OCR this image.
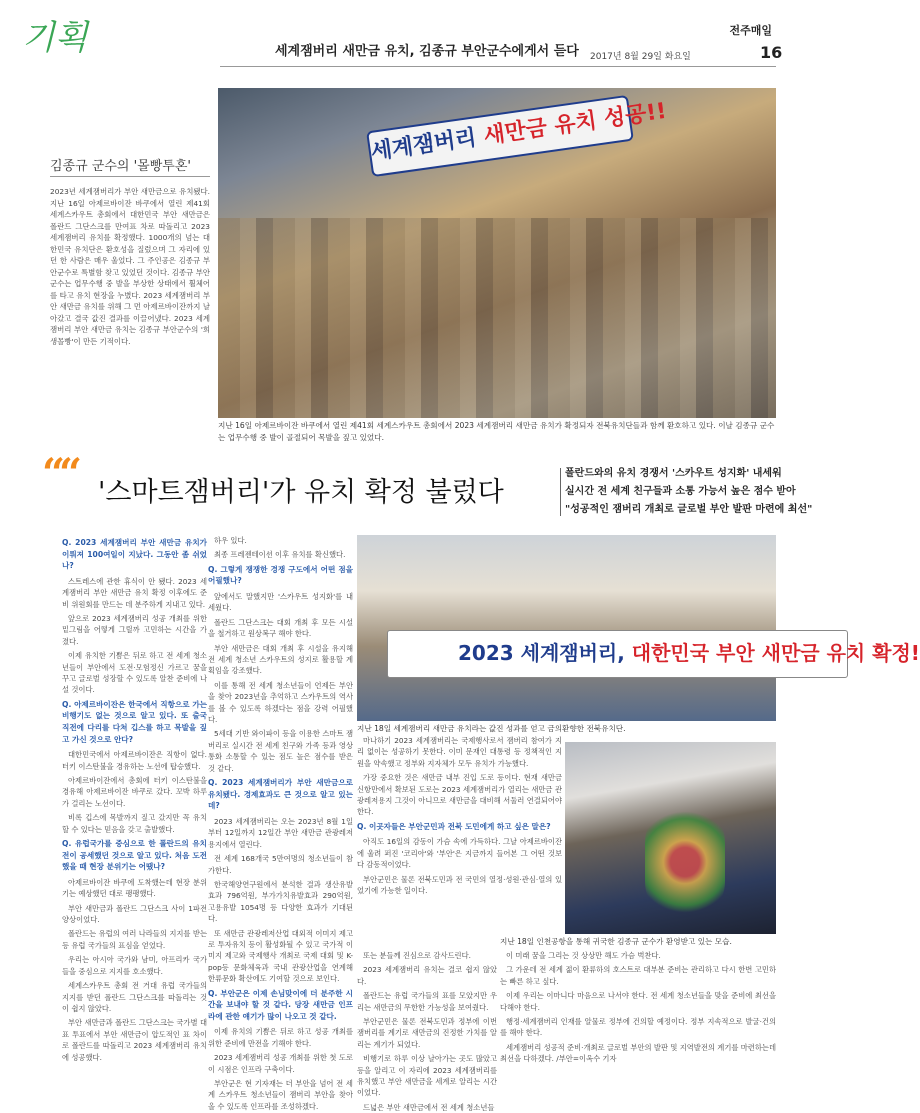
기획	세계잼버리 새만금 유치, 김종규 부안군수에게서 듣다
전주매일
2017년 8월 29일 화요일	16
김종규 군수의 '몰빵투혼'
2023년 세계잼버리가 부안 새만금으로 유치됐다. 지난 16일 아제르바이잔 바쿠에서 열린 제41회 세계스카우트 총회에서 대한민국 부안 새만금은 폴란드 그단스크를 만여표 차로 따돌리고 2023 세계잼버리 유치를 확정했다. 1000개의 넘는 대한민국 유치단은 환호성을 질렀으며 그 자리에 있던 한 사람은 매우 울었다. 그 주인공은 김종규 부안군수로 특별함 찾고 있었던 것이다. 김종규 부안군수는 업무수행 중 발을 부상한 상태에서 휠체어를 타고 유치 현장을 누볐다. 2023 세계잼버리 부안 새만금 유치를 위해 그 먼 아제르바이잔까지 날아갔고 결국 값진 결과를 이끌어냈다. 2023 세계잼버리 부안 새만금 유치는 김종규 부안군수의 '희생몰빵'이 만든 기적이다.
세계잼버리 새만금 유치 성공!!
지난 16일 아제르바이잔 바쿠에서 열린 제41회 세계스카우트 총회에서 2023 세계잼버리 새만금 유치가 확정되자 전북유치단들과 함께 환호하고 있다. 이날 김종규 군수는 업무수행 중 발이 골절되어 목발을 짚고 있었다.
““ '스마트잼버리'가 유치 확정 불렀다
폴란드와의 유치 경쟁서 '스카우트 성지화' 내세워
실시간 전 세계 친구들과 소통 가능서 높은 점수 받아
"성공적인 잼버리 개최로 글로벌 부안 발판 마련에 최선"
Q. 2023 세계잼버리 부안 새만금 유치가 이뤄져 100여일이 지났다. 그동안 좀 쉬었나?

스트레스에 관한 휴식이 안 됐다. 2023 세계잼버리 부안 새만금 유치 확정 이후에도 준비 위원회를 만드는 데 분주하게 지내고 있다.

앞으로 2023 세계잼버리 성공 개최를 위한 밑그림을 어떻게 그릴까 고민하는 시간을 가졌다.

이제 유치한 기쁨은 뒤로 하고 전 세계 청소년들이 부안에서 도전·모험정신 가르고 꿈을 꾸고 글로벌 성장할 수 있도록 알찬 준비에 나설 것이다.

Q. 아제르바이잔은 한국에서 직항으로 가는 비행기도 없는 것으로 알고 있다. 또 출국 직전에 다리를 다쳐 깁스를 하고 목발을 짚고 가신 것으로 안다?

대한민국에서 아제르바이잔은 직항이 없다. 터키 이스탄불을 경유하는 노선에 탑승했다.

아제르바이잔에서 총회에 터키 이스탄불을 경유해 아제르바이잔 바쿠로 갔다. 꼬박 하루가 걸리는 노선이다.

비록 깁스에 목발까지 짚고 갔지만 꼭 유치할 수 있다는 믿음을 갖고 출발했다.

Q. 유럽국가를 중심으로 한 폴란드의 유치전이 공세했던 것으로 알고 있다. 처음 도전했을 때 현장 분위기는 어땠나?

아제르바이잔 바쿠에 도착했는데 현장 분위기는 예상했던 대로 팽팽했다.

부안 새만금과 폴란드 그단스크 사이 1파전 양상이었다.

폴란드는 유럽의 여러 나라들의 지지를 받는 등 유럽 국가들의 표심을 얻었다.

우리는 아시아 국가와 남미, 아프리카 국가들을 중심으로 지지를 호소했다.

세계스카우트 총회 전 거대 유럽 국가들의 지지를 받던 폴란드 그단스크를 따돌리는 것이 쉽지 않았다.

부안 새만금과 폴란드 그단스크는 국가별 대표 투표에서 부안 새만금이 압도적인 표 차이로 폴란드를 따돌리고 2023 세계잼버리 유치에 성공했다.

하우 있다.

최종 프레젠테이션 이후 유치를 확신했다.

Q. 그렇게 쟁쟁한 경쟁 구도에서 어떤 점을 어필했나?

앞에서도 말했지만 '스카우트 성지화'를 내세웠다.

폴란드 그단스크는 대회 개최 후 모든 시설을 철거하고 원상복구 해야 한다.

부안 새만금은 대회 개최 후 시설을 유지해 전 세계 청소년 스카우트의 성지로 활용할 계획임을 강조했다.

이를 통해 전 세계 청소년들이 언제든 부안을 찾아 2023년을 추억하고 스카우트의 역사를 볼 수 있도록 하겠다는 점을 강력 어필했다.

5세대 기반 와이파이 등을 이용한 스마트 잼버리로 실시간 전 세계 친구와 가족 등과 영상통화 소통할 수 있는 점도 높은 점수를 받은 것 같다.

Q. 2023 세계잼버리가 부안 새만금으로 유치됐다. 경제효과도 큰 것으로 알고 있는데?

2023 세계잼버리는 오는 2023년 8월 1일부터 12일까지 12일간 부안 새만금 관광레저용지에서 열린다.

전 세계 168개국 5만여명의 청소년들이 참가한다.

한국해양연구원에서 분석한 결과 생산유발효과 796억원, 부가가치유발효과 290억원, 고용유발 1054명 등 다양한 효과가 기대된다.

또 새만금 관광레저산업 대외적 이미지 제고로 투자유치 등이 활성화될 수 있고 국가적 이미지 제고와 국제행사 개최로 국제 대회 및 K-pop등 문화체육과 국내 관광산업을 연계해 한류문화 확산에도 기여할 것으로 보인다.

Q. 부안군은 이제 손님맞이에 더 분주한 시간을 보내야 할 것 같다. 당장 새만금 인프라에 관한 얘기가 많이 나오고 것 같다.

이제 유치의 기쁨은 뒤로 하고 성공 개최를 위한 준비에 만전을 기해야 한다.

2023 세계잼버리 성공 개최를 위한 첫 도로 이 시점은 인프라 구축이다.

부안군은 현 기자재는 더 부안을 넘어 전 세계 스카우트 청소년들이 잼버리 부안을 찾아올 수 있도록 인프라를 조성하겠다.

2023 세계잼버리, 대한민국 부안 새만금 유치 확정!
지난 18일 세계잼버리 새만금 유치라는 값진 성과를 얻고 금의환향한 전북유치단.

마나하기 2023 세계잼버리는 국제행사로서 잼버리 참여가 지리 없이는 성공하기 못한다. 이미 문재인 대통령 등 정책적인 지원을 약속했고 정부와 지자체가 모두 유치가 가능했다.

가장 중요한 것은 새만금 내부 진입 도로 등이다. 현재 새만금 신항만에서 확보된 도로는 2023 세계잼버리가 열리는 새만금 관광레저용지 그것이 아니므로 새만금을 대비해 서둘러 연결되어야 한다.

Q. 이곳자들은 부안군민과 전북 도민에게 하고 싶은 말은?

아직도 16일의 감동이 가슴 속에 가득하다. 그날 아제르바이잔에 울려 퍼진 '코리아'와 '부안'은 지금까지 들어본 그 어떤 것보다 감동적이었다.

부안군민은 물론 전북도민과 전 국민의 열정·성원·관심·열의 있었기에 가능한 일이다.

지난 18일 인천공항을 통해 귀국한 김종규 군수가 환영받고 있는 모습.

또는 분들께 진심으로 감사드린다.

2023 세계잼버리 유치는 결코 쉽지 않았다.

폴란드는 유럽 국가들의 표를 모았지만 우리는 새만금의 무한한 가능성을 보여줬다.

부안군민은 물론 전북도민과 정부에 이번 잼버리를 계기로 새만금의 진정한 가치를 알리는 계기가 되었다.

비행기로 하루 이상 날아가는 곳도 많았고 등을 알리고 이 자리에 2023 세계잼버리를 유치했고 부안 새만금을 세계로 알리는 시간이었다.

드넓은 부안 새만금에서 전 세계 청소년들

이 미래 꿈을 그리는 것 상상만 해도 가슴 벅찬다.

그 가운데 전 세계 젊이 환류하의 호스트로 대부분 준비는 관리하고 다시 한번 고민하는 빠른 하고 싶다.

이제 우리는 이마니다 마음으로 나서야 한다. 전 세계 청소년들을 맞을 준비에 최선을 다해야 한다.

행정·세계잼버리 인재를 알물로 정부에 건의할 예정이다. 정부 지속적으로 발굴·건의를 해야 한다.

세계잼버리 성공적 준비·개최로 글로벌 부안의 발판 및 지역발전의 계기를 마련하는데 최선을 다하겠다. /부안=이옥수 기자
